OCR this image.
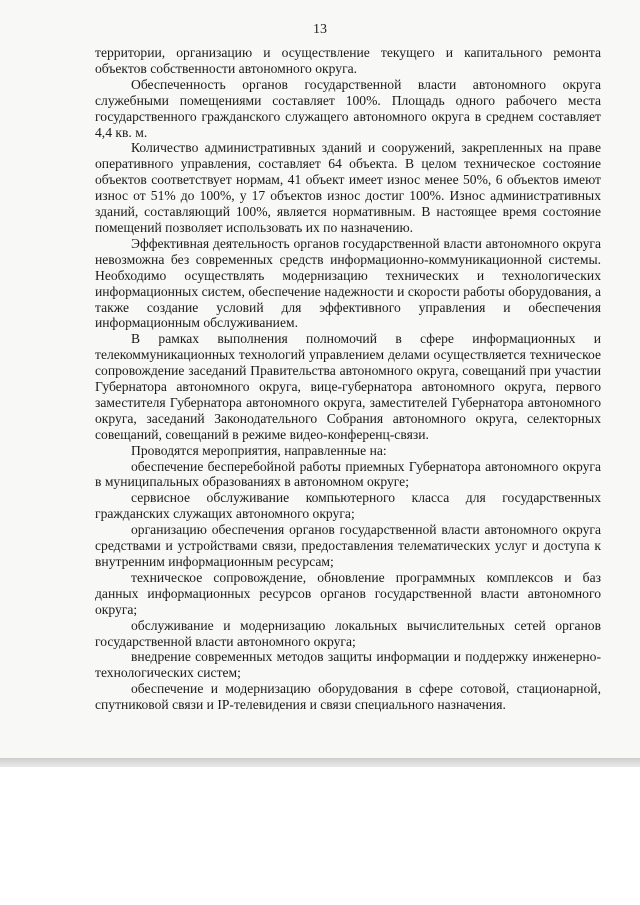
13

территории, организацию и осуществление текущего и капитального ремонта объектов собственности автономного округа.

Обеспеченность органов государственной власти автономного округа служебными помещениями составляет 100%. Площадь одного рабочего места государственного гражданского служащего автономного округа в среднем составляет 4,4 кв. м.

Количество административных зданий и сооружений, закрепленных на праве оперативного управления, составляет 64 объекта. В целом техническое состояние объектов соответствует нормам, 41 объект имеет износ менее 50%, 6 объектов имеют износ от 51% до 100%, у 17 объектов износ достиг 100%. Износ административных зданий, составляющий 100%, является нормативным. В настоящее время состояние помещений позволяет использовать их по назначению.

Эффективная деятельность органов государственной власти автономного округа невозможна без современных средств информационно-коммуникационной системы. Необходимо осуществлять модернизацию технических и технологических информационных систем, обеспечение надежности и скорости работы оборудования, а также создание условий для эффективного управления и обеспечения информационным обслуживанием.

В рамках выполнения полномочий в сфере информационных и телекоммуникационных технологий управлением делами осуществляется техническое сопровождение заседаний Правительства автономного округа, совещаний при участии Губернатора автономного округа, вице-губернатора автономного округа, первого заместителя Губернатора автономного округа, заместителей Губернатора автономного округа, заседаний Законодательного Собрания автономного округа, селекторных совещаний, совещаний в режиме видео-конференц-связи.

Проводятся мероприятия, направленные на:

обеспечение бесперебойной работы приемных Губернатора автономного округа в муниципальных образованиях в автономном округе;

сервисное обслуживание компьютерного класса для государственных гражданских служащих автономного округа;

организацию обеспечения органов государственной власти автономного округа средствами и устройствами связи, предоставления телематических услуг и доступа к внутренним информационным ресурсам;

техническое сопровождение, обновление программных комплексов и баз данных информационных ресурсов органов государственной власти автономного округа;

обслуживание и модернизацию локальных вычислительных сетей органов государственной власти автономного округа;

внедрение современных методов защиты информации и поддержку инженерно-технологических систем;

обеспечение и модернизацию оборудования в сфере сотовой, стационарной, спутниковой связи и IP-телевидения и связи специального назначения.
